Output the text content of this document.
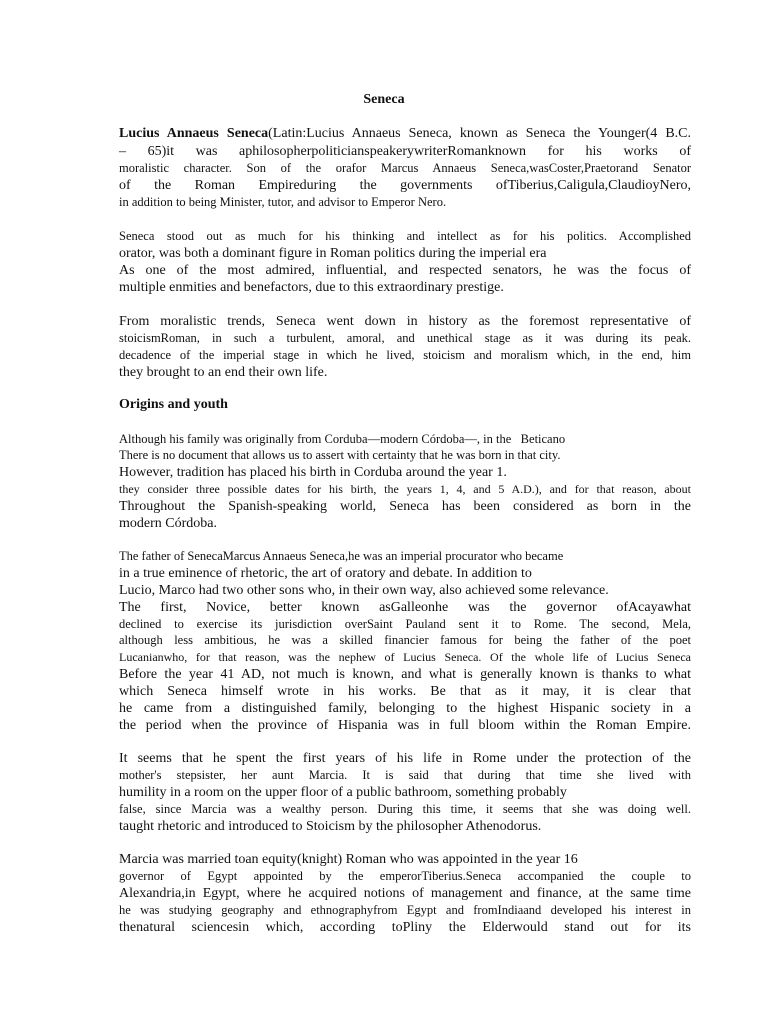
Seneca
Lucius Annaeus Seneca(Latin:Lucius Annaeus Seneca, known as Seneca the Younger(4 B.C.
– 65)it was aphilosopherpoliticianspeakerywriterRomanknown for his works of
moralistic character. Son of the orafor Marcus Annaeus Seneca,wasCoster,Praetorand Senator
of the Roman Empireduring the governments ofTiberius,Caligula,ClaudioyNero,
in addition to being Minister, tutor, and advisor to Emperor Nero.
Seneca stood out as much for his thinking and intellect as for his politics. Accomplished
orator, was both a dominant figure in Roman politics during the imperial era
As one of the most admired, influential, and respected senators, he was the focus of
multiple enmities and benefactors, due to this extraordinary prestige.
From moralistic trends, Seneca went down in history as the foremost representative of
stoicismRoman, in such a turbulent, amoral, and unethical stage as it was during its peak.
decadence of the imperial stage in which he lived, stoicism and moralism which, in the end, him
they brought to an end their own life.
Origins and youth
Although his family was originally from Corduba—modern Córdoba—, in the   Beticano
There is no document that allows us to assert with certainty that he was born in that city.
However, tradition has placed his birth in Corduba around the year 1.
they consider three possible dates for his birth, the years 1, 4, and 5 A.D.), and for that reason, about
Throughout the Spanish-speaking world, Seneca has been considered as born in the
modern Córdoba.
The father of SenecaMarcus Annaeus Seneca,he was an imperial procurator who became
in a true eminence of rhetoric, the art of oratory and debate. In addition to
Lucio, Marco had two other sons who, in their own way, also achieved some relevance.
The first, Novice, better known asGalleonhe was the governor ofAcayawhat
declined to exercise its jurisdiction overSaint Pauland sent it to Rome. The second, Mela,
although less ambitious, he was a skilled financier famous for being the father of the poet
Lucanianwho, for that reason, was the nephew of Lucius Seneca. Of the whole life of Lucius Seneca
Before the year 41 AD, not much is known, and what is generally known is thanks to what
which Seneca himself wrote in his works. Be that as it may, it is clear that
he came from a distinguished family, belonging to the highest Hispanic society in a
the period when the province of Hispania was in full bloom within the Roman Empire.
It seems that he spent the first years of his life in Rome under the protection of the
mother's stepsister, her aunt Marcia. It is said that during that time she lived with
humility in a room on the upper floor of a public bathroom, something probably
false, since Marcia was a wealthy person. During this time, it seems that she was doing well.
taught rhetoric and introduced to Stoicism by the philosopher Athenodorus.
Marcia was married toan equity(knight) Roman who was appointed in the year 16
governor of Egypt appointed by the emperorTiberius.Seneca accompanied the couple to
Alexandria,in Egypt, where he acquired notions of management and finance, at the same time
he was studying geography and ethnographyfrom Egypt and fromIndiaand developed his interest in
thenatural sciencesin which, according toPliny the Elderwould stand out for its
